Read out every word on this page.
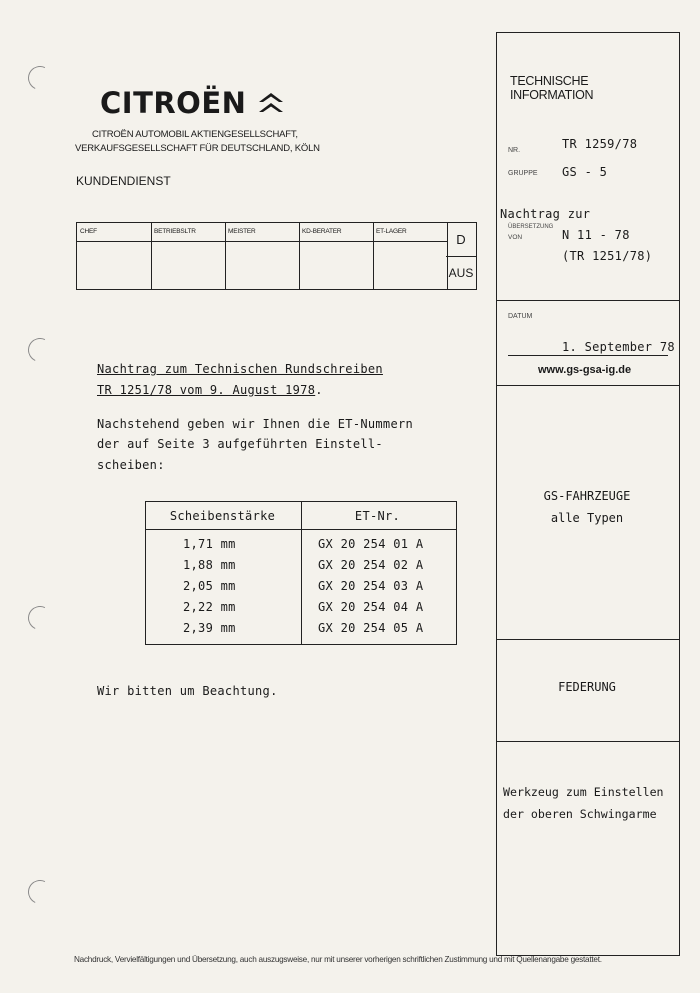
CITROËN
CITROËN AUTOMOBIL AKTIENGESELLSCHAFT,
VERKAUFSGESELLSCHAFT FÜR DEUTSCHLAND, KÖLN
KUNDENDIENST
CHEF	BETRIEBSLTR	MEISTER	KD-BERATER	ET-LAGER
D
AUS
TECHNISCHE
INFORMATION
NR.	TR 1259/78
GRUPPE GS - 5
Nachtrag zur
ÜBERSETZUNG
VON	N 11 - 78
(TR 1251/78)
DATUM
1. September 78
www.gs-gsa-ig.de
GS-FAHRZEUGE
alle Typen
FEDERUNG
Werkzeug zum Einstellen
der oberen Schwingarme
Nachtrag zum Technischen Rundschreiben
TR 1251/78 vom 9. August 1978.
Nachstehend geben wir Ihnen die ET-Nummern
der auf Seite 3 aufgeführten Einstell-
scheiben:
Scheibenstärke	ET-Nr.
1,71 mm	GX 20 254 01 A
1,88 mm	GX 20 254 02 A
2,05 mm	GX 20 254 03 A
2,22 mm	GX 20 254 04 A
2,39 mm	GX 20 254 05 A
Wir bitten um Beachtung.
Nachdruck, Vervielfältigungen und Übersetzung, auch auszugsweise, nur mit unserer vorherigen schriftlichen Zustimmung und mit Quellenangabe gestattet.
